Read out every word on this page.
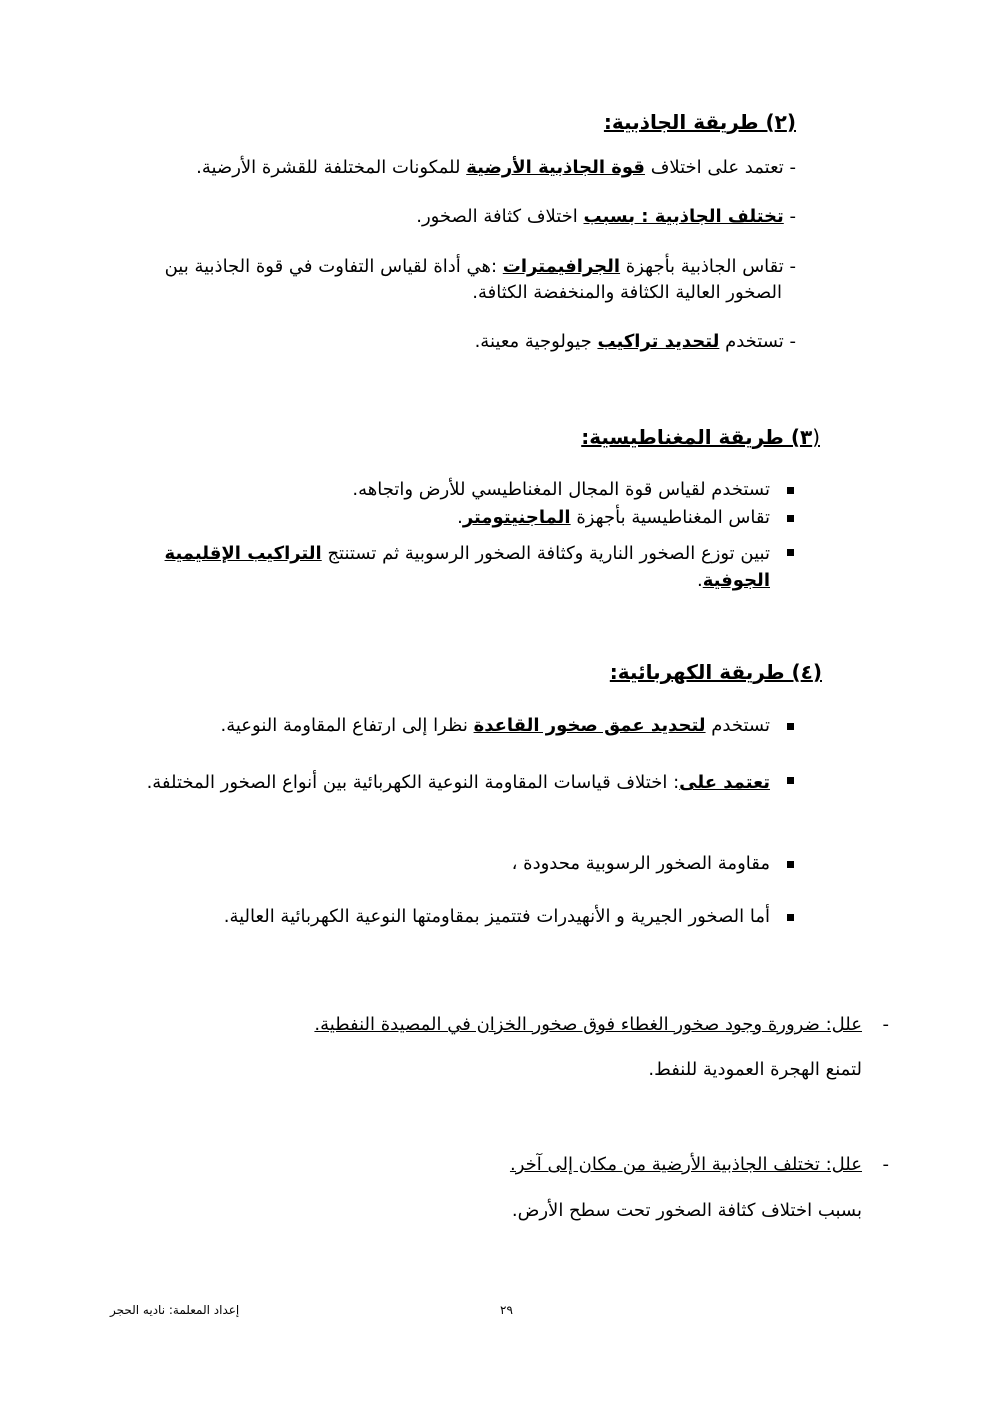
(٢) طريقة الجاذبية:
- تعتمد على اختلاف قوة الجاذبية الأرضية للمكونات المختلفة للقشرة الأرضية.
- تختلف الجاذبية : بسبب اختلاف كثافة الصخور.
- تقاس الجاذبية بأجهزة الجرافيمترات :هي أداة لقياس التفاوت في قوة الجاذبية بين
الصخور العالية الكثافة والمنخفضة الكثافة.
- تستخدم لتحديد تراكيب جيولوجية معينة.
(٣) طريقة المغناطيسية:
تستخدم لقياس قوة المجال المغناطيسي للأرض واتجاهه.
تقاس المغناطيسية بأجهزة الماجنيتومتر.
تبين توزع الصخور النارية وكثافة الصخور الرسوبية ثم تستنتج التراكيب الإقليمية الجوفية.
(٤) طريقة الكهربائية:
تستخدم لتحديد عمق صخور القاعدة نظرا إلى ارتفاع المقاومة النوعية.
تعتمد على: اختلاف قياسات المقاومة النوعية الكهربائية بين أنواع الصخور المختلفة.
مقاومة الصخور الرسوبية محدودة ،
أما الصخور الجيرية و الأنهيدرات فتتميز بمقاومتها النوعية الكهربائية العالية.
-
علل: ضرورة وجود صخور الغطاء فوق صخور الخزان في المصيدة النفطية.
لتمنع الهجرة العمودية للنفط.
-
علل: تختلف الجاذبية الأرضية من مكان إلى آخر.
بسبب اختلاف كثافة الصخور تحت سطح الأرض.
٢٩
إعداد المعلمة: ناديه الحجر
